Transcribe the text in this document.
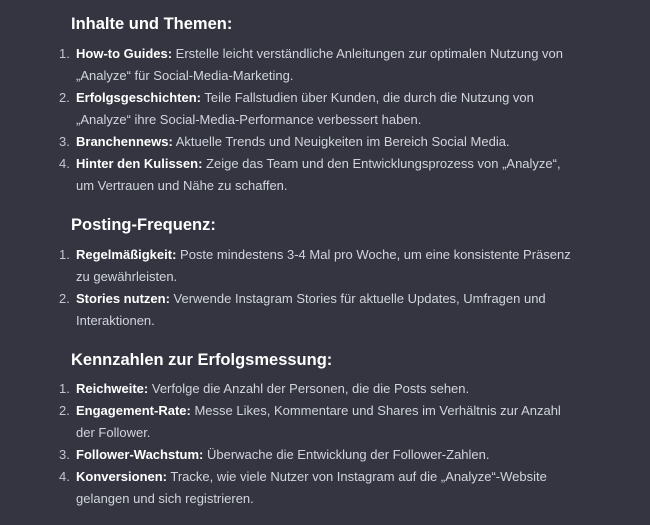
Inhalte und Themen:
1. How-to Guides: Erstelle leicht verständliche Anleitungen zur optimalen Nutzung von „Analyze“ für Social-Media-Marketing.
2. Erfolgsgeschichten: Teile Fallstudien über Kunden, die durch die Nutzung von „Analyze“ ihre Social-Media-Performance verbessert haben.
3. Branchennews: Aktuelle Trends und Neuigkeiten im Bereich Social Media.
4. Hinter den Kulissen: Zeige das Team und den Entwicklungsprozess von „Analyze“, um Vertrauen und Nähe zu schaffen.
Posting-Frequenz:
1. Regelmäßigkeit: Poste mindestens 3-4 Mal pro Woche, um eine konsistente Präsenz zu gewährleisten.
2. Stories nutzen: Verwende Instagram Stories für aktuelle Updates, Umfragen und Interaktionen.
Kennzahlen zur Erfolgsmessung:
1. Reichweite: Verfolge die Anzahl der Personen, die die Posts sehen.
2. Engagement-Rate: Messe Likes, Kommentare und Shares im Verhältnis zur Anzahl der Follower.
3. Follower-Wachstum: Überwache die Entwicklung der Follower-Zahlen.
4. Konversionen: Tracke, wie viele Nutzer von Instagram auf die „Analyze“-Website gelangen und sich registrieren.
